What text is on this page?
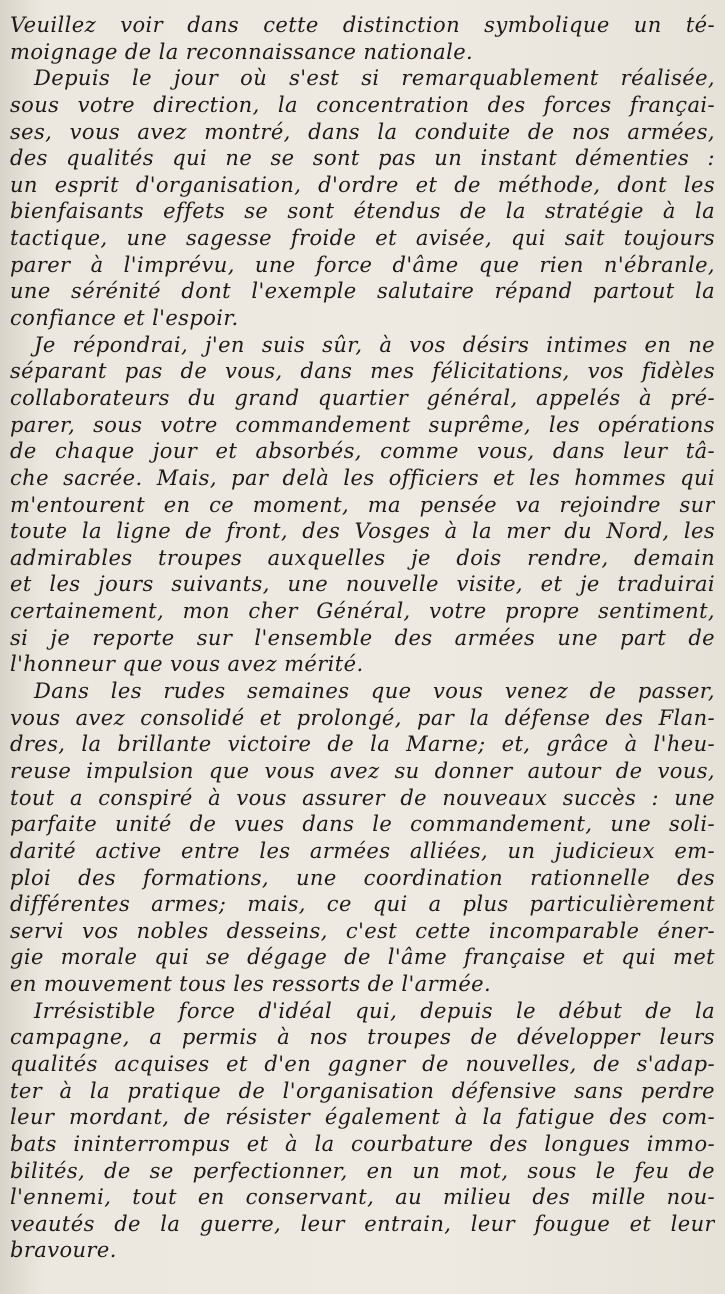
Veuillez voir dans cette distinction symbolique un té-
moignage de la reconnaissance nationale.
Depuis le jour où s'est si remarquablement réalisée,
sous votre direction, la concentration des forces françai-
ses, vous avez montré, dans la conduite de nos armées,
des qualités qui ne se sont pas un instant démenties :
un esprit d'organisation, d'ordre et de méthode, dont les
bienfaisants effets se sont étendus de la stratégie à la
tactique, une sagesse froide et avisée, qui sait toujours
parer à l'imprévu, une force d'âme que rien n'ébranle,
une sérénité dont l'exemple salutaire répand partout la
confiance et l'espoir.
Je répondrai, j'en suis sûr, à vos désirs intimes en ne
séparant pas de vous, dans mes félicitations, vos fidèles
collaborateurs du grand quartier général, appelés à pré-
parer, sous votre commandement suprême, les opérations
de chaque jour et absorbés, comme vous, dans leur tâ-
che sacrée. Mais, par delà les officiers et les hommes qui
m'entourent en ce moment, ma pensée va rejoindre sur
toute la ligne de front, des Vosges à la mer du Nord, les
admirables troupes auxquelles je dois rendre, demain
et les jours suivants, une nouvelle visite, et je traduirai
certainement, mon cher Général, votre propre sentiment,
si je reporte sur l'ensemble des armées une part de
l'honneur que vous avez mérité.
Dans les rudes semaines que vous venez de passer,
vous avez consolidé et prolongé, par la défense des Flan-
dres, la brillante victoire de la Marne; et, grâce à l'heu-
reuse impulsion que vous avez su donner autour de vous,
tout a conspiré à vous assurer de nouveaux succès : une
parfaite unité de vues dans le commandement, une soli-
darité active entre les armées alliées, un judicieux em-
ploi des formations, une coordination rationnelle des
différentes armes; mais, ce qui a plus particulièrement
servi vos nobles desseins, c'est cette incomparable éner-
gie morale qui se dégage de l'âme française et qui met
en mouvement tous les ressorts de l'armée.
Irrésistible force d'idéal qui, depuis le début de la
campagne, a permis à nos troupes de développer leurs
qualités acquises et d'en gagner de nouvelles, de s'adap-
ter à la pratique de l'organisation défensive sans perdre
leur mordant, de résister également à la fatigue des com-
bats ininterrompus et à la courbature des longues immo-
bilités, de se perfectionner, en un mot, sous le feu de
l'ennemi, tout en conservant, au milieu des mille nou-
veautés de la guerre, leur entrain, leur fougue et leur
bravoure.
